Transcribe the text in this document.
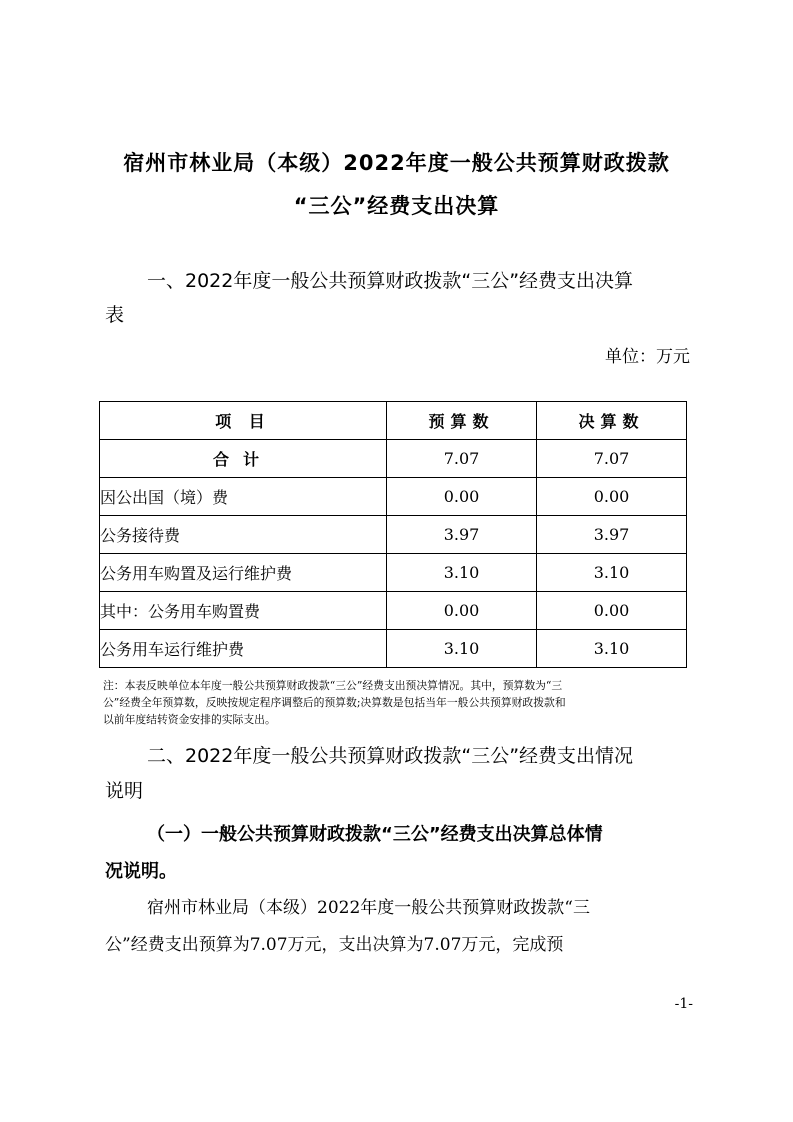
宿州市林业局（本级）2022年度一般公共预算财政拨款
“三公”经费支出决算
一、2022年度一般公共预算财政拨款“三公”经费支出决算
表
单位：万元
项 目	预算数	决算数
合计	7.07	7.07
因公出国（境）费	0.00	0.00
公务接待费	3.97	3.97
公务用车购置及运行维护费	3.10	3.10
其中：公务用车购置费	0.00	0.00
公务用车运行维护费	3.10	3.10
注：本表反映单位本年度一般公共预算财政拨款“三公”经费支出预决算情况。其中，预算数为“三
公”经费全年预算数，反映按规定程序调整后的预算数;决算数是包括当年一般公共预算财政拨款和
以前年度结转资金安排的实际支出。
二、2022年度一般公共预算财政拨款“三公”经费支出情况
说明
（一）一般公共预算财政拨款“三公”经费支出决算总体情
况说明。
宿州市林业局（本级）2022年度一般公共预算财政拨款“三
公”经费支出预算为7.07万元，支出决算为7.07万元，完成预
-1-
